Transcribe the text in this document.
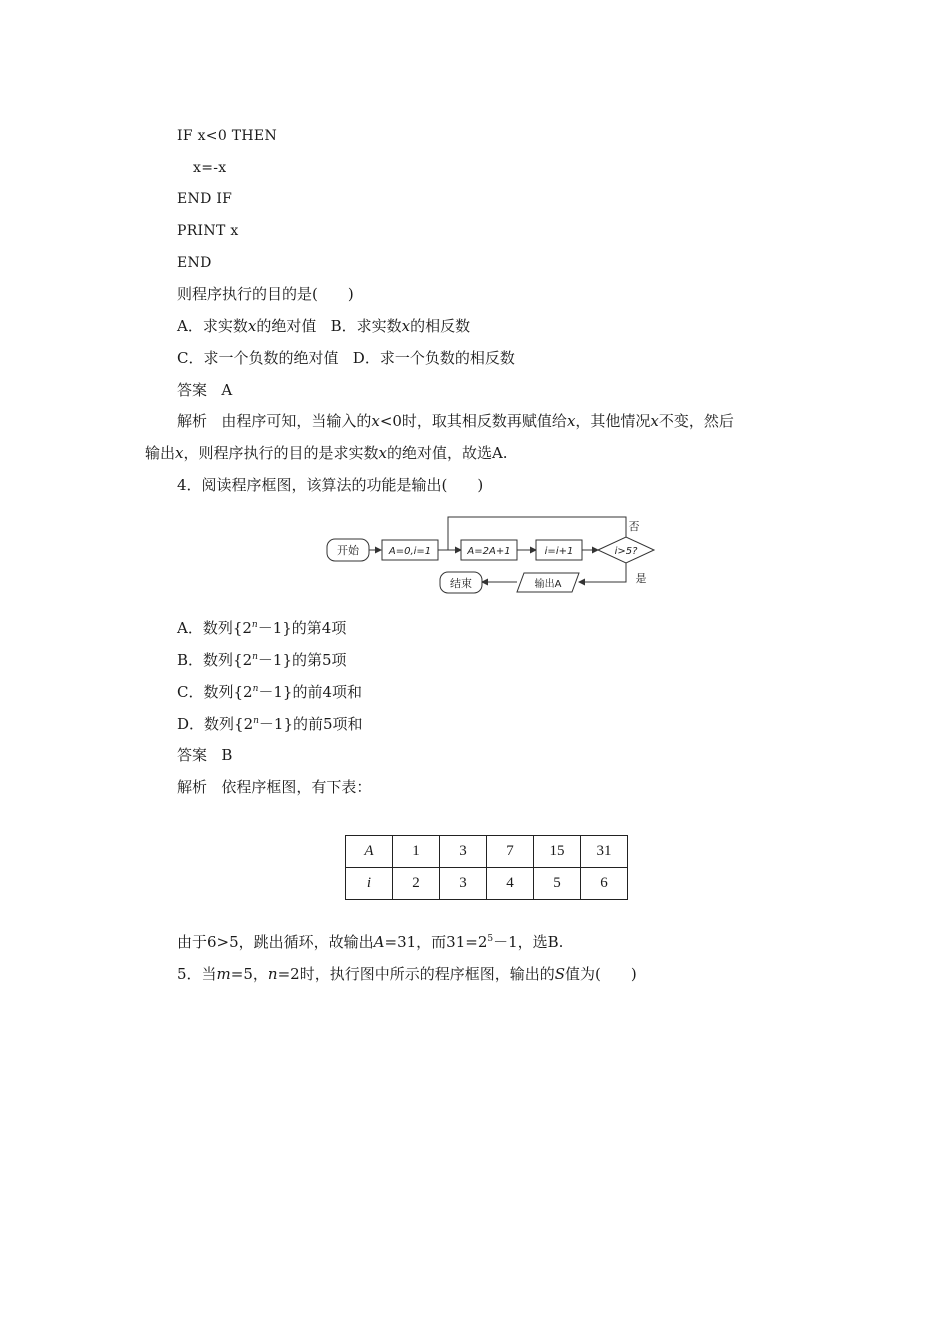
IF x<0 THEN
x=-x
END IF
PRINT x
END
则程序执行的目的是(　　)
A．求实数x的绝对值 B．求实数x的相反数
C．求一个负数的绝对值 D．求一个负数的相反数
答案 A
解析 由程序可知，当输入的x<0时，取其相反数再赋值给x，其他情况x不变，然后
输出x，则程序执行的目的是求实数x的绝对值，故选A.
4．阅读程序框图，该算法的功能是输出(　　)
开始	A=0,i=1	A=2A+1	i=i+1	i>5?
否
是
输出A
结束
A．数列$\{2^n-1\}$的第4项
B．数列$\{2^n-1\}$的第5项
C．数列$\{2^n-1\}$的前4项和
D．数列$\{2^n-1\}$的前5项和
答案 B
解析 依程序框图，有下表：
A	1	3	7	15	31
i	2	3	4	5	6
由于6>5，跳出循环，故输出A=31，而$31=2^5-1$，选B.
5．当m=5，n=2时，执行图中所示的程序框图，输出的S值为(　　)
